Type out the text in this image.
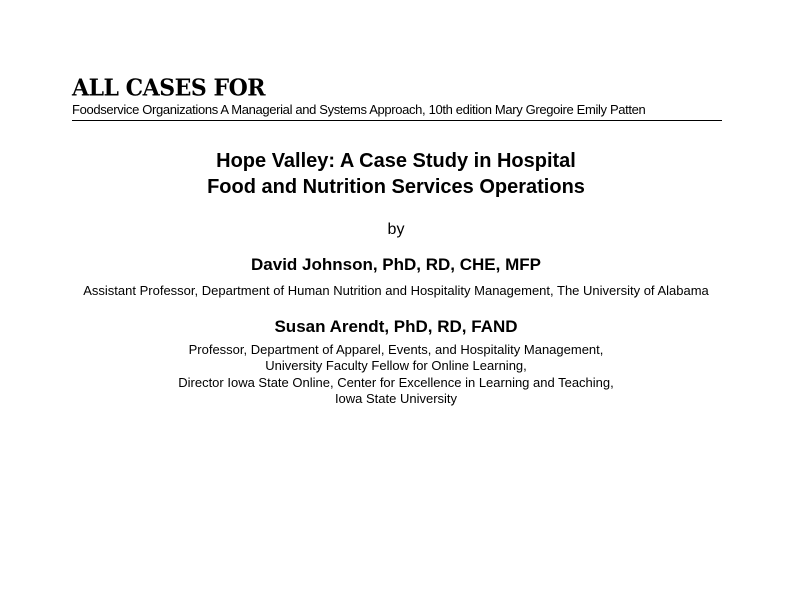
ALL CASES FOR
Foodservice Organizations A Managerial and Systems Approach, 10th edition Mary Gregoire Emily Patten
Hope Valley: A Case Study in Hospital
Food and Nutrition Services Operations
by
David Johnson, PhD, RD, CHE, MFP
Assistant Professor, Department of Human Nutrition and Hospitality Management, The University of Alabama
Susan Arendt, PhD, RD, FAND
Professor, Department of Apparel, Events, and Hospitality Management,
University Faculty Fellow for Online Learning,
Director Iowa State Online, Center for Excellence in Learning and Teaching,
Iowa State University
